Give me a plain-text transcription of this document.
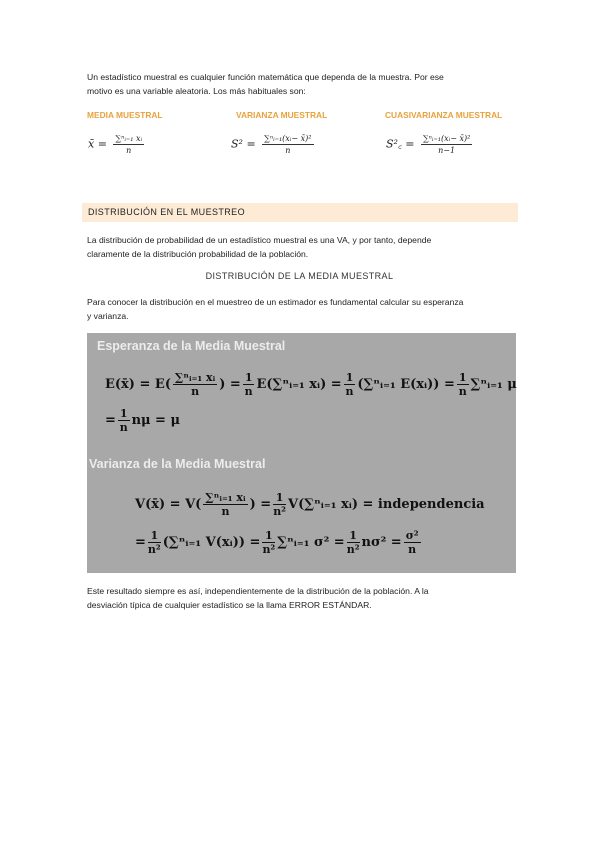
Un estadístico muestral es cualquier función matemática que dependa de la muestra. Por ese
motivo es una variable aleatoria. Los más habituales son:
MEDIA MUESTRAL	VARIANZA MUESTRAL	CUASIVARIANZA MUESTRAL
x̄ = $\frac{\text{∑ⁿᵢ₌₁ xᵢ}}{n}$	$S^2 = \frac{\text{∑ⁿᵢ₌₁(xᵢ− x̄)²}}{n}$	S²꜀ = $\frac{\text{∑ⁿᵢ₌₁(xᵢ− x̄)²}}{n-1}$
DISTRIBUCIÓN EN EL MUESTREO
La distribución de probabilidad de un estadístico muestral es una VA, y por tanto, depende
claramente de la distribución probabilidad de la población.
DISTRIBUCIÓN DE LA MEDIA MUESTRAL
Para conocer la distribución en el muestreo de un estimador es fundamental calcular su esperanza
y varianza.
Esperanza de la Media Muestral
E(x̄) = $E( \frac{\text{∑ⁿᵢ₌₁ xᵢ}}{n}$ ) = $\frac{1}{n}$ E(∑ⁿᵢ₌₁ xᵢ) = $\frac{1}{n}$ (∑ⁿᵢ₌₁ E(xᵢ)) = $\frac{1}{n}$ ∑ⁿᵢ₌₁ μ
= $\frac{1}{n}$ nμ = μ
Varianza de la Media Muestral
V(x̄) = $V( \frac{\text{∑ⁿᵢ₌₁ xᵢ}}{n}$ ) = $\frac{1}{\text{n²}}$ V(∑ⁿᵢ₌₁ xᵢ) = independencia
= $\frac{1}{\text{n²}}$ (∑ⁿᵢ₌₁ V(xᵢ)) = $\frac{1}{\text{n²}}$ ∑ⁿᵢ₌₁ $\sigma^2 = \frac{1}{\text{n²}} n\sigma^2 = \frac{\text{σ²}}{n}$
Este resultado siempre es así, independientemente de la distribución de la población. A la
desviación típica de cualquier estadístico se la llama ERROR ESTÁNDAR.
